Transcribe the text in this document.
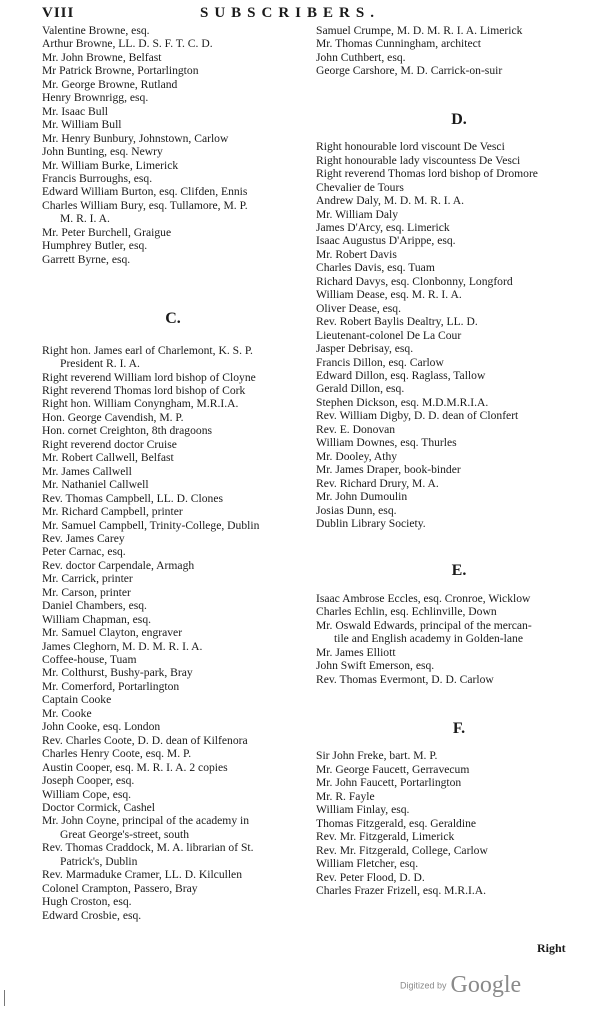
VIII	SUBSCRIBERS.
Valentine Browne, esq.
Arthur Browne, LL. D. S. F. T. C. D.
Mr. John Browne, Belfast
Mr Patrick Browne, Portarlington
Mr. George Browne, Rutland
Henry Brownrigg, esq.
Mr. Isaac Bull
Mr. William Bull
Mr. Henry Bunbury, Johnstown, Carlow
John Bunting, esq. Newry
Mr. William Burke, Limerick
Francis Burroughs, esq.
Edward William Burton, esq. Clifden, Ennis
Charles William Bury, esq. Tullamore, M. P.
M. R. I. A.
Mr. Peter Burchell, Graigue
Humphrey Butler, esq.
Garrett Byrne, esq.
C.
Right hon. James earl of Charlemont, K. S. P.
President R. I. A.
Right reverend William lord bishop of Cloyne
Right reverend Thomas lord bishop of Cork
Right hon. William Conyngham, M.R.I.A.
Hon. George Cavendish, M. P.
Hon. cornet Creighton, 8th dragoons
Right reverend doctor Cruise
Mr. Robert Callwell, Belfast
Mr. James Callwell
Mr. Nathaniel Callwell
Rev. Thomas Campbell, LL. D. Clones
Mr. Richard Campbell, printer
Mr. Samuel Campbell, Trinity-College, Dublin
Rev. James Carey
Peter Carnac, esq.
Rev. doctor Carpendale, Armagh
Mr. Carrick, printer
Mr. Carson, printer
Daniel Chambers, esq.
William Chapman, esq.
Mr. Samuel Clayton, engraver
James Cleghorn, M. D. M. R. I. A.
Coffee-house, Tuam
Mr. Colthurst, Bushy-park, Bray
Mr. Comerford, Portarlington
Captain Cooke
Mr. Cooke
John Cooke, esq. London
Rev. Charles Coote, D. D. dean of Kilfenora
Charles Henry Coote, esq. M. P.
Austin Cooper, esq. M. R. I. A. 2 copies
Joseph Cooper, esq.
William Cope, esq.
Doctor Cormick, Cashel
Mr. John Coyne, principal of the academy in
Great George's-street, south
Rev. Thomas Craddock, M. A. librarian of St.
Patrick's, Dublin
Rev. Marmaduke Cramer, LL. D. Kilcullen
Colonel Crampton, Passero, Bray
Hugh Croston, esq.
Edward Crosbie, esq.
Samuel Crumpe, M. D. M. R. I. A. Limerick
Mr. Thomas Cunningham, architect
John Cuthbert, esq.
George Carshore, M. D. Carrick-on-suir
D.
Right honourable lord viscount De Vesci
Right honourable lady viscountess De Vesci
Right reverend Thomas lord bishop of Dromore
Chevalier de Tours
Andrew Daly, M. D. M. R. I. A.
Mr. William Daly
James D'Arcy, esq. Limerick
Isaac Augustus D'Arippe, esq.
Mr. Robert Davis
Charles Davis, esq. Tuam
Richard Davys, esq. Clonbonny, Longford
William Dease, esq. M. R. I. A.
Oliver Dease, esq.
Rev. Robert Baylis Dealtry, LL. D.
Lieutenant-colonel De La Cour
Jasper Debrisay, esq.
Francis Dillon, esq. Carlow
Edward Dillon, esq. Raglass, Tallow
Gerald Dillon, esq.
Stephen Dickson, esq. M.D.M.R.I.A.
Rev. William Digby, D. D. dean of Clonfert
Rev. E. Donovan
William Downes, esq. Thurles
Mr. Dooley, Athy
Mr. James Draper, book-binder
Rev. Richard Drury, M. A.
Mr. John Dumoulin
Josias Dunn, esq.
Dublin Library Society.
E.
Isaac Ambrose Eccles, esq. Cronroe, Wicklow
Charles Echlin, esq. Echlinville, Down
Mr. Oswald Edwards, principal of the mercan-
tile and English academy in Golden-lane
Mr. James Elliott
John Swift Emerson, esq.
Rev. Thomas Evermont, D. D. Carlow
F.
Sir John Freke, bart. M. P.
Mr. George Faucett, Gerravecum
Mr. John Faucett, Portarlington
Mr. R. Fayle
William Finlay, esq.
Thomas Fitzgerald, esq. Geraldine
Rev. Mr. Fitzgerald, Limerick
Rev. Mr. Fitzgerald, College, Carlow
William Fletcher, esq.
Rev. Peter Flood, D. D.
Charles Frazer Frizell, esq. M.R.I.A.
Right
Digitized by Google
